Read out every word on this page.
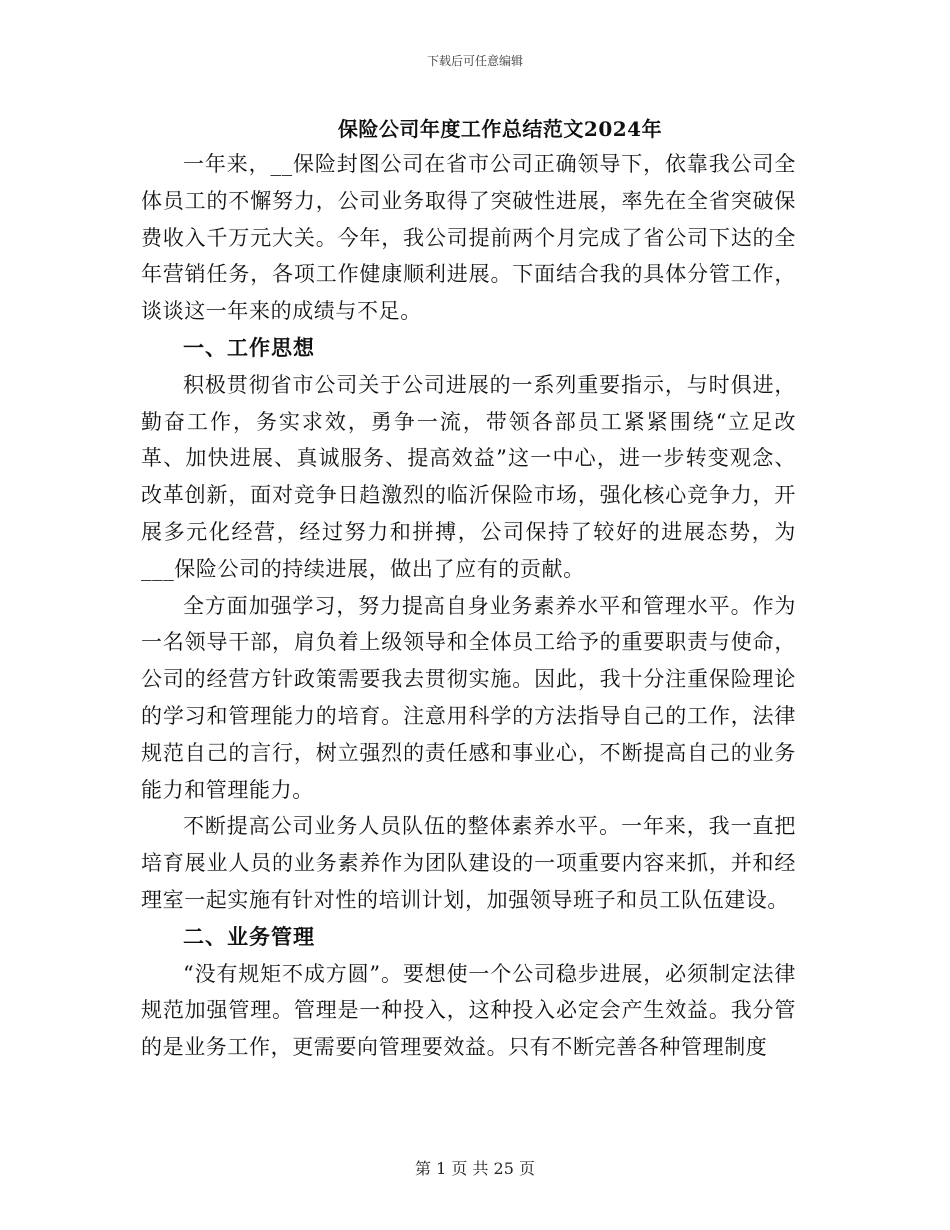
下载后可任意编辑
保险公司年度工作总结范文2024年

一年来，__保险封图公司在省市公司正确领导下，依靠我公司全体员工的不懈努力，公司业务取得了突破性进展，率先在全省突破保费收入千万元大关。今年，我公司提前两个月完成了省公司下达的全年营销任务，各项工作健康顺利进展。下面结合我的具体分管工作，谈谈这一年来的成绩与不足。

一、工作思想

积极贯彻省市公司关于公司进展的一系列重要指示，与时俱进，勤奋工作，务实求效，勇争一流，带领各部员工紧紧围绕“立足改革、加快进展、真诚服务、提高效益”这一中心，进一步转变观念、改革创新，面对竞争日趋激烈的临沂保险市场，强化核心竞争力，开展多元化经营，经过努力和拼搏，公司保持了较好的进展态势，为___保险公司的持续进展，做出了应有的贡献。

全方面加强学习，努力提高自身业务素养水平和管理水平。作为一名领导干部，肩负着上级领导和全体员工给予的重要职责与使命，公司的经营方针政策需要我去贯彻实施。因此，我十分注重保险理论的学习和管理能力的培育。注意用科学的方法指导自己的工作，法律规范自己的言行，树立强烈的责任感和事业心，不断提高自己的业务能力和管理能力。

不断提高公司业务人员队伍的整体素养水平。一年来，我一直把培育展业人员的业务素养作为团队建设的一项重要内容来抓，并和经理室一起实施有针对性的培训计划，加强领导班子和员工队伍建设。

二、业务管理

“没有规矩不成方圆”。要想使一个公司稳步进展，必须制定法律规范加强管理。管理是一种投入，这种投入必定会产生效益。我分管的是业务工作，更需要向管理要效益。只有不断完善各种管理制度

第 1 页 共 25 页
